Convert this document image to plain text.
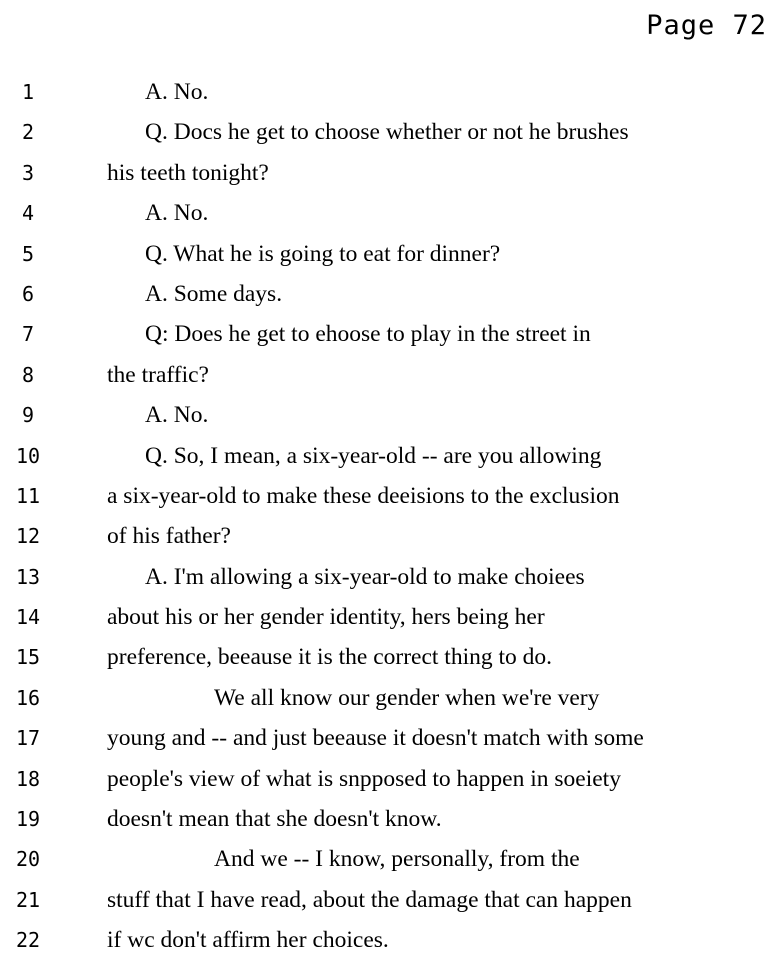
Page 72
1	A. No.
2	Q. Docs he get to choose whether or not he brushes
3	his teeth tonight?
4	A. No.
5	Q. What he is going to eat for dinner?
6	A. Some days.
7	Q: Does he get to ehoose to play in the street in
8	the traffic?
9	A. No.
10	Q. So, I mean, a six-year-old -- are you allowing
11	a six-year-old to make these deeisions to the exclusion
12	of his father?
13	A. I'm allowing a six-year-old to make choiees
14	about his or her gender identity, hers being her
15	preference, beeause it is the correct thing to do.
16	We all know our gender when we're very
17	young and -- and just beeause it doesn't match with some
18	people's view of what is snpposed to happen in soeiety
19	doesn't mean that she doesn't know.
20	And we -- I know, personally, from the
21	stuff that I have read, about the damage that can happen
22	if wc don't affirm her choices.
